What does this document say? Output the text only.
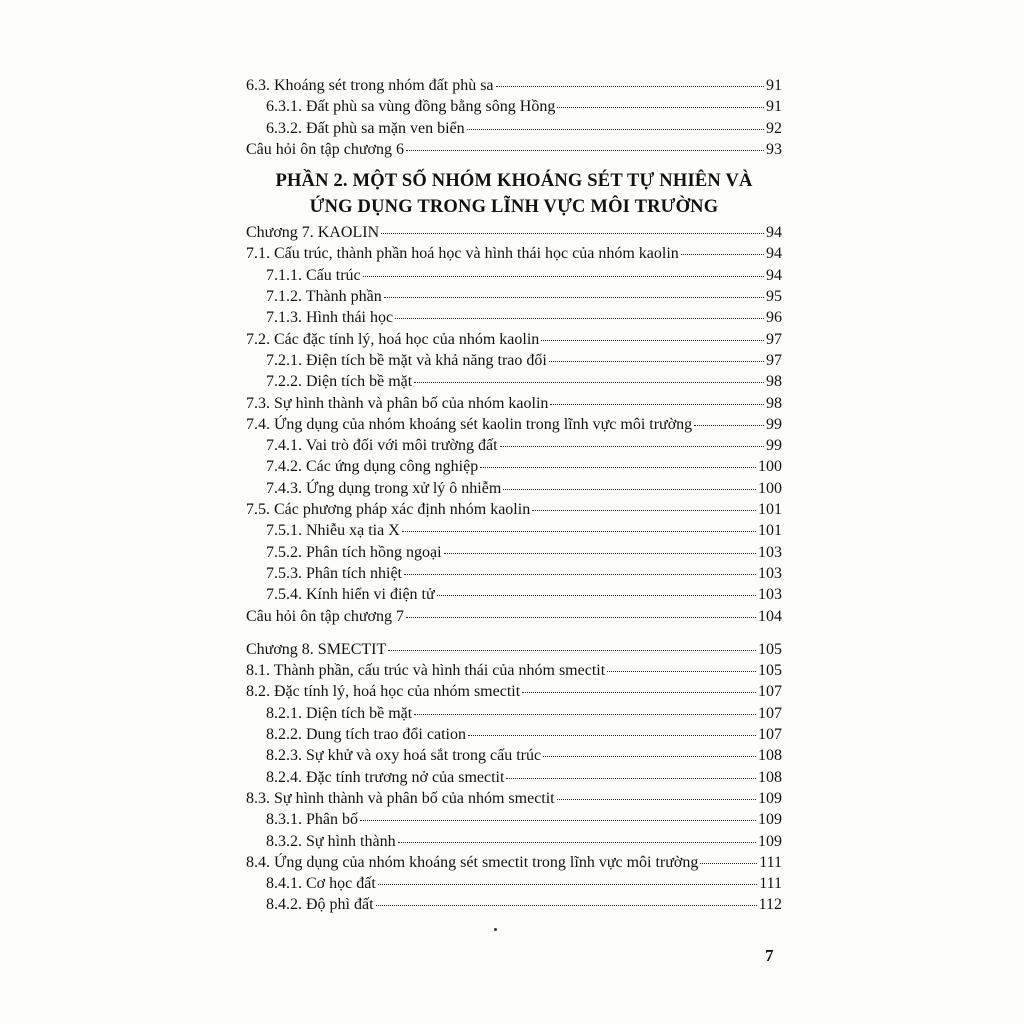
6.3. Khoáng sét trong nhóm đất phù sa	91
6.3.1. Đất phù sa vùng đồng bằng sông Hồng	91
6.3.2. Đất phù sa mặn ven biển	92
Câu hỏi ôn tập chương 6	93
PHẦN 2. MỘT SỐ NHÓM KHOÁNG SÉT TỰ NHIÊN VÀ
ỨNG DỤNG TRONG LĨNH VỰC MÔI TRƯỜNG
Chương 7. KAOLIN	94
7.1. Cấu trúc, thành phần hoá học và hình thái học của nhóm kaolin	94
7.1.1. Cấu trúc	94
7.1.2. Thành phần	95
7.1.3. Hình thái học	96
7.2. Các đặc tính lý, hoá học của nhóm kaolin	97
7.2.1. Điện tích bề mặt và khả năng trao đổi	97
7.2.2. Diện tích bề mặt	98
7.3. Sự hình thành và phân bố của nhóm kaolin	98
7.4. Ứng dụng của nhóm khoáng sét kaolin trong lĩnh vực môi trường	99
7.4.1. Vai trò đối với môi trường đất	99
7.4.2. Các ứng dụng công nghiệp	100
7.4.3. Ứng dụng trong xử lý ô nhiễm	100
7.5. Các phương pháp xác định nhóm kaolin	101
7.5.1. Nhiễu xạ tia X	101
7.5.2. Phân tích hồng ngoại	103
7.5.3. Phân tích nhiệt	103
7.5.4. Kính hiển vi điện tử	103
Câu hỏi ôn tập chương 7	104
Chương 8. SMECTIT	105
8.1. Thành phần, cấu trúc và hình thái của nhóm smectit	105
8.2. Đặc tính lý, hoá học của nhóm smectit	107
8.2.1. Diện tích bề mặt	107
8.2.2. Dung tích trao đổi cation	107
8.2.3. Sự khử và oxy hoá sắt trong cấu trúc	108
8.2.4. Đặc tính trương nở của smectit	108
8.3. Sự hình thành và phân bố của nhóm smectit	109
8.3.1. Phân bố	109
8.3.2. Sự hình thành	109
8.4. Ứng dụng của nhóm khoáng sét smectit trong lĩnh vực môi trường	111
8.4.1. Cơ học đất	111
8.4.2. Độ phì đất	112
7
